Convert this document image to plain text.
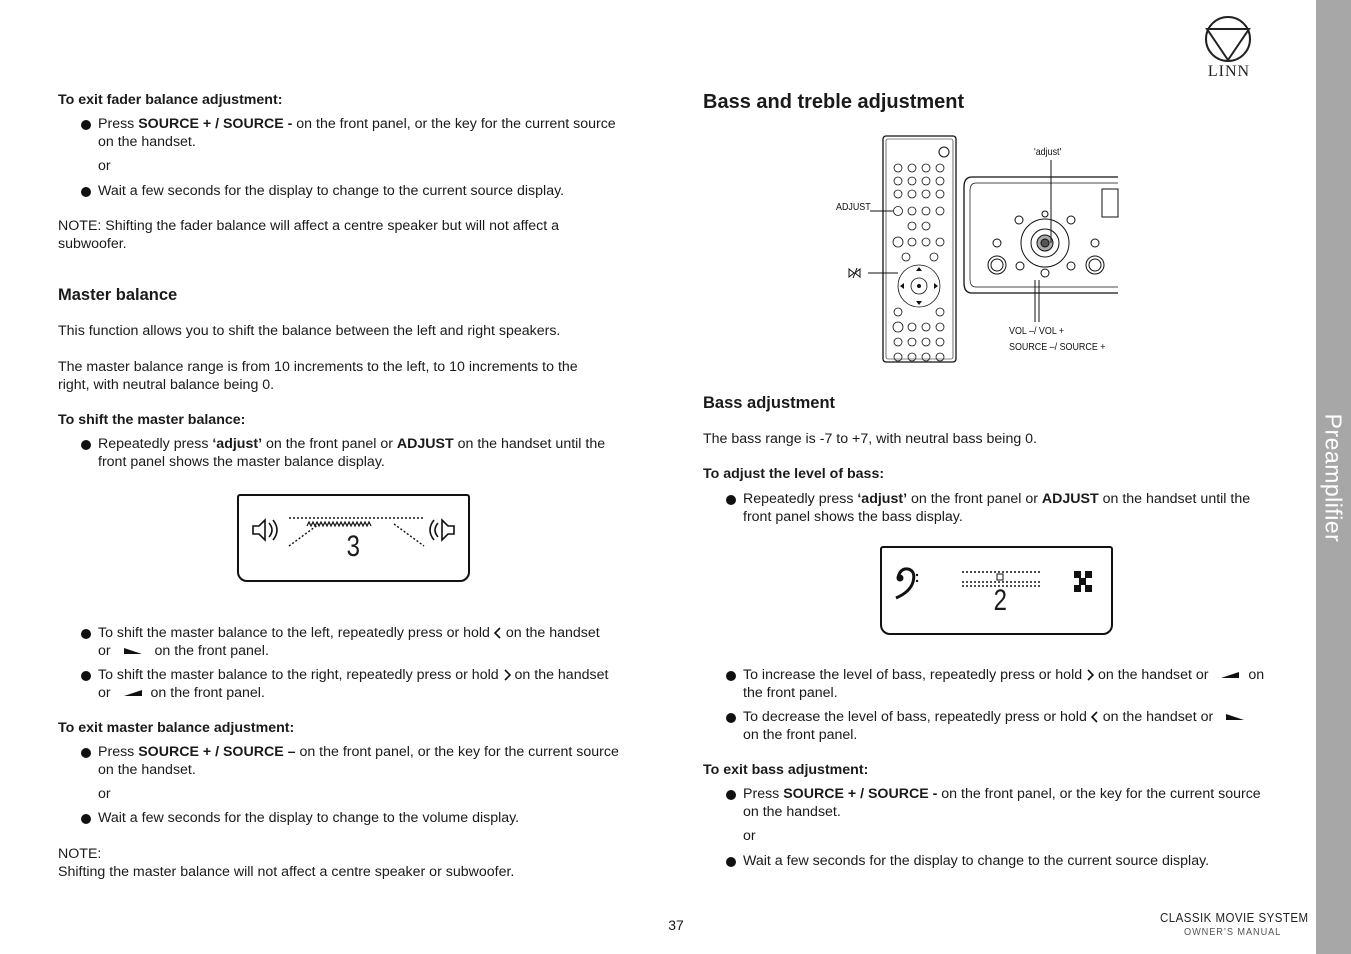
Preamplifier
LINN
To exit fader balance adjustment:
Press SOURCE + / SOURCE - on the front panel, or the key for the current source
on the handset.
or
Wait a few seconds for the display to change to the current source display.
NOTE: Shifting the fader balance will affect a centre speaker but will not affect a
subwoofer.
Master balance
This function allows you to shift the balance between the left and right speakers.
The master balance range is from 10 increments to the left, to 10 increments to the
right, with neutral balance being 0.
To shift the master balance:
Repeatedly press ‘adjust’ on the front panel or ADJUST on the handset until the
front panel shows the master balance display.
3
To shift the master balance to the left, repeatedly press or hold on the handset
or	on the front panel.
To shift the master balance to the right, repeatedly press or hold on the handset
or	on the front panel.
To exit master balance adjustment:
Press SOURCE + / SOURCE – on the front panel, or the key for the current source
on the handset.
or
Wait a few seconds for the display to change to the volume display.
NOTE:
Shifting the master balance will not affect a centre speaker or subwoofer.
Bass and treble adjustment
'adjust'
ADJUST
VOL –/ VOL +
SOURCE –/ SOURCE +
Bass adjustment
The bass range is -7 to +7, with neutral bass being 0.
To adjust the level of bass:
Repeatedly press ‘adjust’ on the front panel or ADJUST on the handset until the
front panel shows the bass display.
2
To increase the level of bass, repeatedly press or hold on the handset or	on
the front panel.
To decrease the level of bass, repeatedly press or hold on the handset or
on the front panel.
To exit bass adjustment:
Press SOURCE + / SOURCE - on the front panel, or the key for the current source
on the handset.
or
Wait a few seconds for the display to change to the current source display.
37	CLASSIK MOVIE SYSTEM
OWNER’S MANUAL
